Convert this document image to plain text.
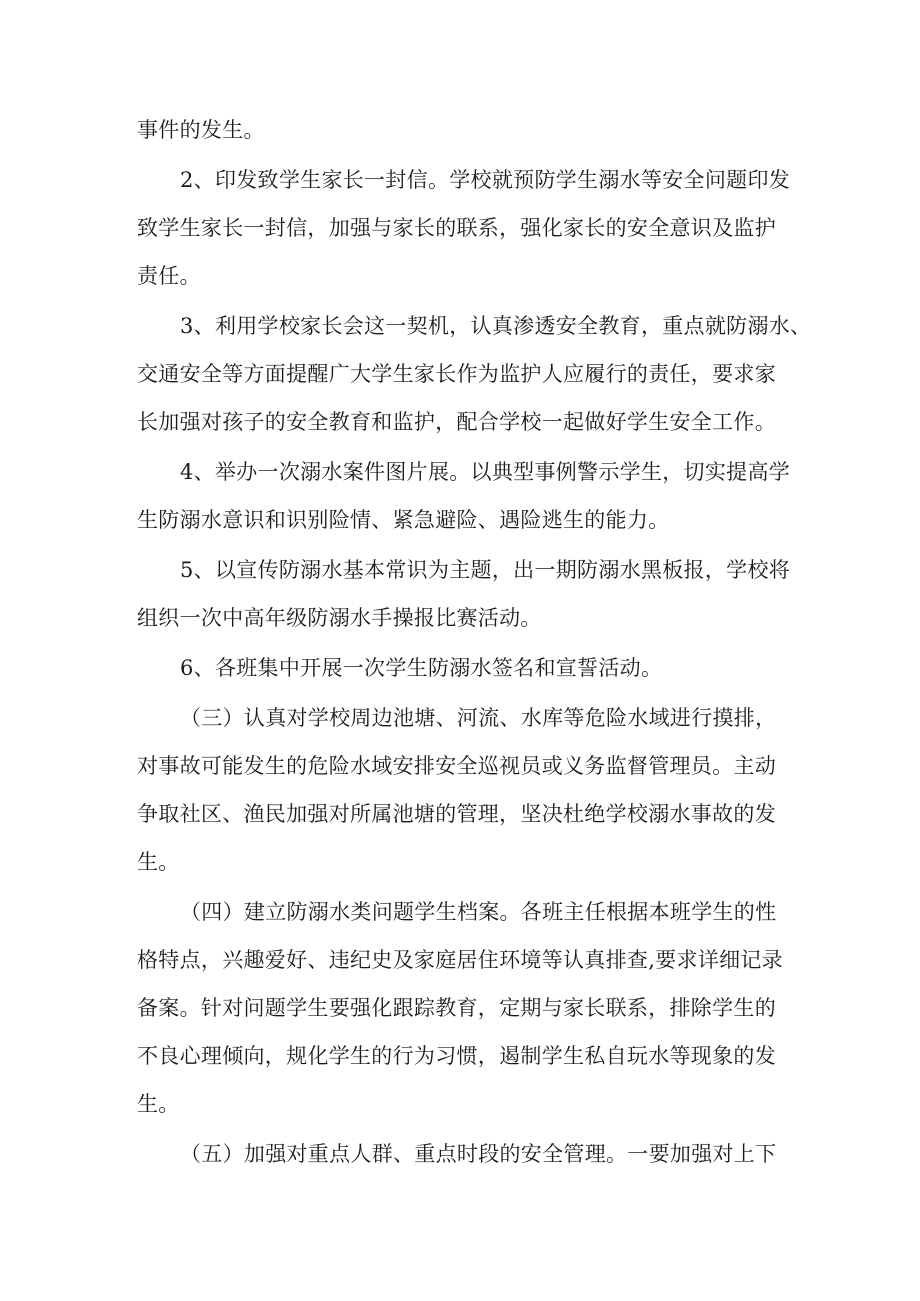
事件的发生。
2、印发致学生家长一封信。学校就预防学生溺水等安全问题印发
致学生家长一封信，加强与家长的联系，强化家长的安全意识及监护
责任。
3、利用学校家长会这一契机，认真渗透安全教育，重点就防溺水、
交通安全等方面提醒广大学生家长作为监护人应履行的责任，要求家
长加强对孩子的安全教育和监护，配合学校一起做好学生安全工作。
4、举办一次溺水案件图片展。以典型事例警示学生，切实提高学
生防溺水意识和识别险情、紧急避险、遇险逃生的能力。
5、以宣传防溺水基本常识为主题，出一期防溺水黑板报，学校将
组织一次中高年级防溺水手操报比赛活动。
6、各班集中开展一次学生防溺水签名和宣誓活动。
（三）认真对学校周边池塘、河流、水库等危险水域进行摸排，
对事故可能发生的危险水域安排安全巡视员或义务监督管理员。主动
争取社区、渔民加强对所属池塘的管理，坚决杜绝学校溺水事故的发
生。
（四）建立防溺水类问题学生档案。各班主任根据本班学生的性
格特点，兴趣爱好、违纪史及家庭居住环境等认真排查,要求详细记录
备案。针对问题学生要强化跟踪教育，定期与家长联系，排除学生的
不良心理倾向，规化学生的行为习惯，遏制学生私自玩水等现象的发
生。
（五）加强对重点人群、重点时段的安全管理。一要加强对上下
